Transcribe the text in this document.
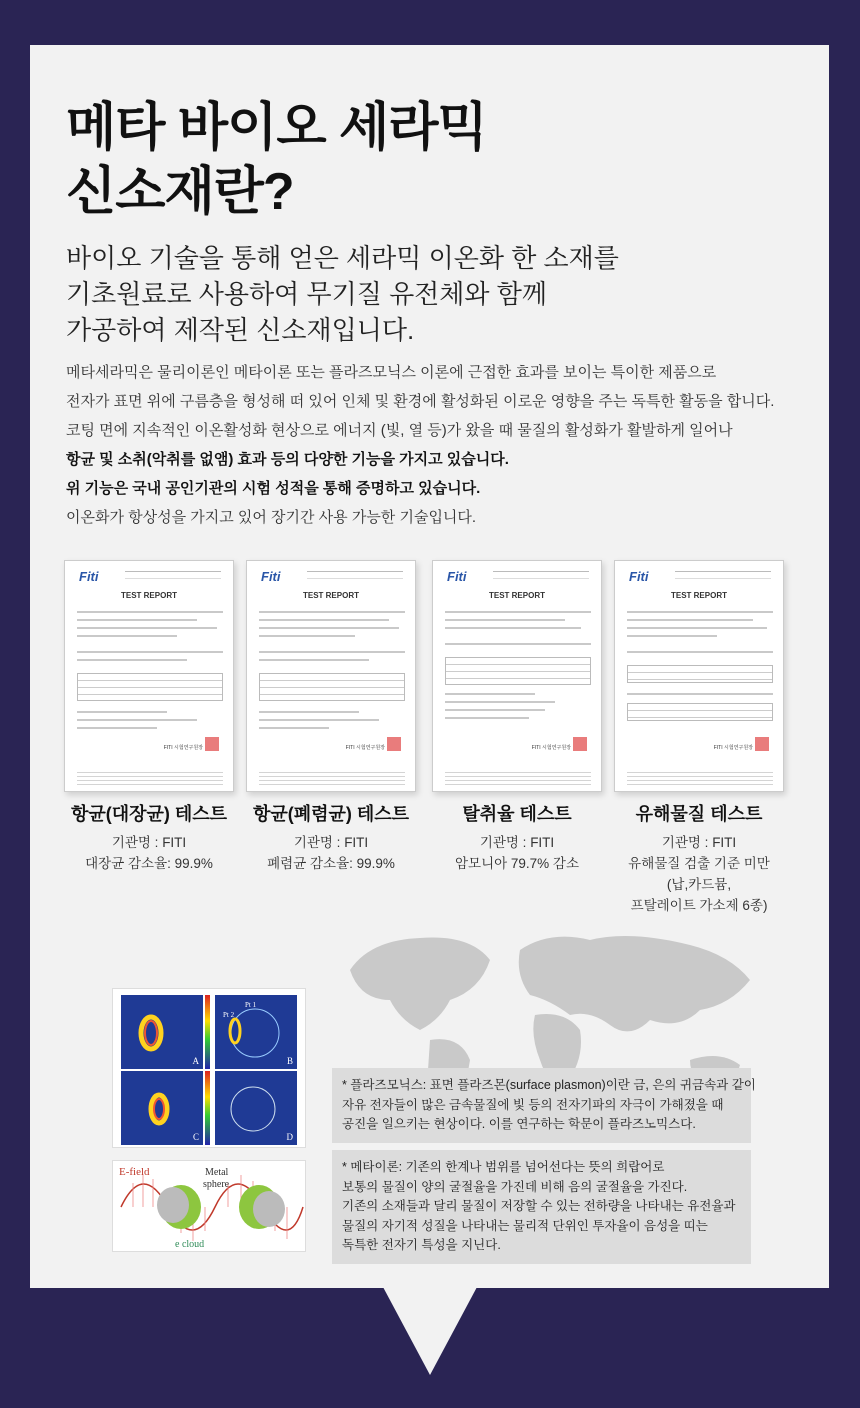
메타 바이오 세라믹
신소재란?
바이오 기술을 통해 얻은 세라믹 이온화 한 소재를
기초원료로 사용하여 무기질 유전체와 함께
가공하여 제작된 신소재입니다.

메타세라믹은 물리이론인 메타이론 또는 플라즈모닉스 이론에 근접한 효과를 보이는 특이한 제품으로

전자가 표면 위에 구름층을 형성해 떠 있어 인체 및 환경에 활성화된 이로운 영향을 주는 독특한 활동을 합니다.

코팅 면에 지속적인 이온활성화 현상으로 에너지 (빛, 열 등)가 왔을 때 물질의 활성화가 활발하게 일어나

항균 및 소취(악취를 없앰) 효과 등의 다양한 기능을 가지고 있습니다.

위 기능은 국내 공인기관의 시험 성적을 통해 증명하고 있습니다.

이온화가 항상성을 가지고 있어 장기간 사용 가능한 기술입니다.

Fiti
TEST REPORT
FITI 시험연구원장
항균(대장균) 테스트
기관명 : FITI
대장균 감소율: 99.9%
Fiti
TEST REPORT
FITI 시험연구원장
항균(폐렴균) 테스트
기관명 : FITI
폐렴균 감소율: 99.9%
Fiti
TEST REPORT
FITI 시험연구원장
탈취율 테스트
기관명 : FITI
암모니아 79.7% 감소
Fiti
TEST REPORT
FITI 시험연구원장
유해물질 테스트
기관명 : FITI
유해물질 검출 기준 미만
(납,카드뮴,
프탈레이트 가소제 6종)
A
Pt 2
Pt 1
B
C	D
E-field	Metal
sphere
e cloud

* 플라즈모닉스: 표면 플라즈몬(surface plasmon)이란 금, 은의 귀금속과 같이

자유 전자들이 많은 금속물질에 빛 등의 전자기파의 자극이 가해졌을 때

공진을 일으키는 현상이다. 이를 연구하는 학문이 플라즈노믹스다.

* 메타이론: 기존의 한계나 범위를 넘어선다는 뜻의 희랍어로

보통의 물질이 양의 굴절율을 가진데 비해 음의 굴절율을 가진다.

기존의 소재들과 달리 물질이 저장할 수 있는 전하량을 나타내는 유전율과

물질의 자기적 성질을 나타내는 물리적 단위인 투자율이 음성을 띠는

독특한 전자기 특성을 지닌다.
